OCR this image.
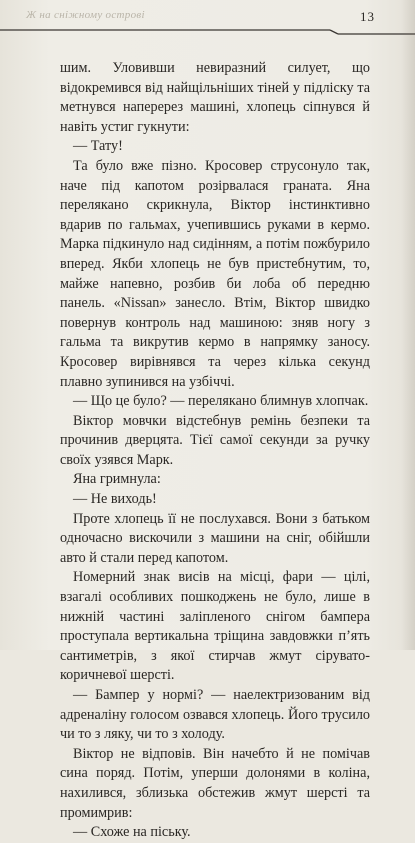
Ж на сніжному острові	13

шим. Уловивши невиразний силует, що відокремився від найщільніших тіней у підліску та метнувся наперерез машині, хлопець сіпнувся й навіть устиг гукнути:

— Тату!

Та було вже пізно. Кросовер струсонуло так, наче під капотом розірвалася граната. Яна перелякано скрикнула, Віктор інстинктивно вдарив по гальмах, учепившись руками в кермо. Марка підкинуло над сидінням, а потім пожбурило вперед. Якби хлопець не був пристебнутим, то, майже напевно, розбив би лоба об передню панель. «Nissan» занесло. Втім, Віктор швидко повернув контроль над машиною: зняв ногу з гальма та викрутив кермо в напрямку заносу. Кросовер вирівнявся та через кілька секунд плавно зупинився на узбіччі.

— Що це було? — перелякано блимнув хлопчак.

Віктор мовчки відстебнув ремінь безпеки та прочинив дверцята. Тієї самої секунди за ручку своїх узявся Марк.

Яна гримнула:

— Не виходь!

Проте хлопець її не послухався. Вони з батьком одночасно вискочили з машини на сніг, обійшли авто й стали перед капотом.

Номерний знак висів на місці, фари — цілі, взагалі особливих пошкоджень не було, лише в нижній частині заліпленого снігом бампера проступала вертикальна тріщина завдовжки п’ять сантиметрів, з якої стирчав жмут сірувато-коричневої шерсті.

— Бампер у нормі? — наелектризованим від адреналіну голосом озвався хлопець. Його трусило чи то з ляку, чи то з холоду.

Віктор не відповів. Він начебто й не помічав сина поряд. Потім, уперши долонями в коліна, нахилився, зблизька обстежив жмут шерсті та промимрив:

— Схоже на піську.
